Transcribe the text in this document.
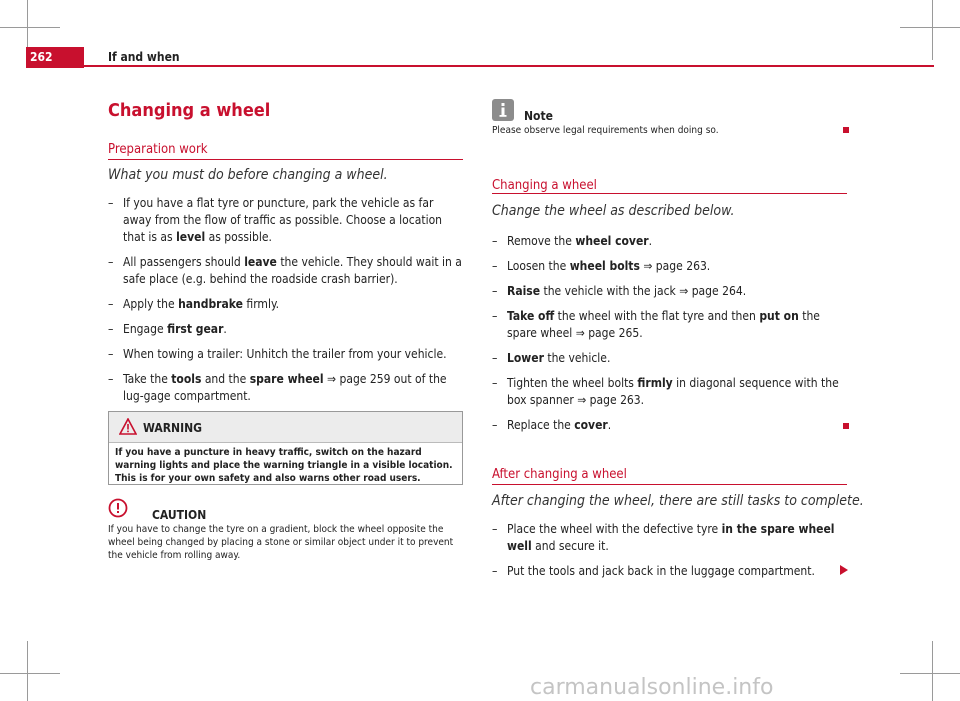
262	If and when
Changing a wheel
Preparation work
What you must do before changing a wheel.
– If you have a flat tyre or puncture, park the vehicle as far away from the flow of traffic as possible. Choose a location that is as level as possible.
– All passengers should leave the vehicle. They should wait in a safe place (e.g. behind the roadside crash barrier).
– Apply the handbrake firmly.
– Engage first gear.
– When towing a trailer: Unhitch the trailer from your vehicle.
– Take the tools and the spare wheel ⇒ page 259 out of the lug-gage compartment.
WARNING
If you have a puncture in heavy traffic, switch on the hazard warning lights and place the warning triangle in a visible location. This is for your own safety and also warns other road users.
CAUTION
If you have to change the tyre on a gradient, block the wheel opposite the wheel being changed by placing a stone or similar object under it to prevent the vehicle from rolling away.
Note
Please observe legal requirements when doing so.
Changing a wheel
Change the wheel as described below.
– Remove the wheel cover.
– Loosen the wheel bolts ⇒ page 263.
– Raise the vehicle with the jack ⇒ page 264.
– Take off the wheel with the flat tyre and then put on the spare wheel ⇒ page 265.
– Lower the vehicle.
– Tighten the wheel bolts firmly in diagonal sequence with the box spanner ⇒ page 263.
– Replace the cover.
After changing a wheel
After changing the wheel, there are still tasks to complete.
– Place the wheel with the defective tyre in the spare wheel well and secure it.
– Put the tools and jack back in the luggage compartment.
carmanualsonline.info
